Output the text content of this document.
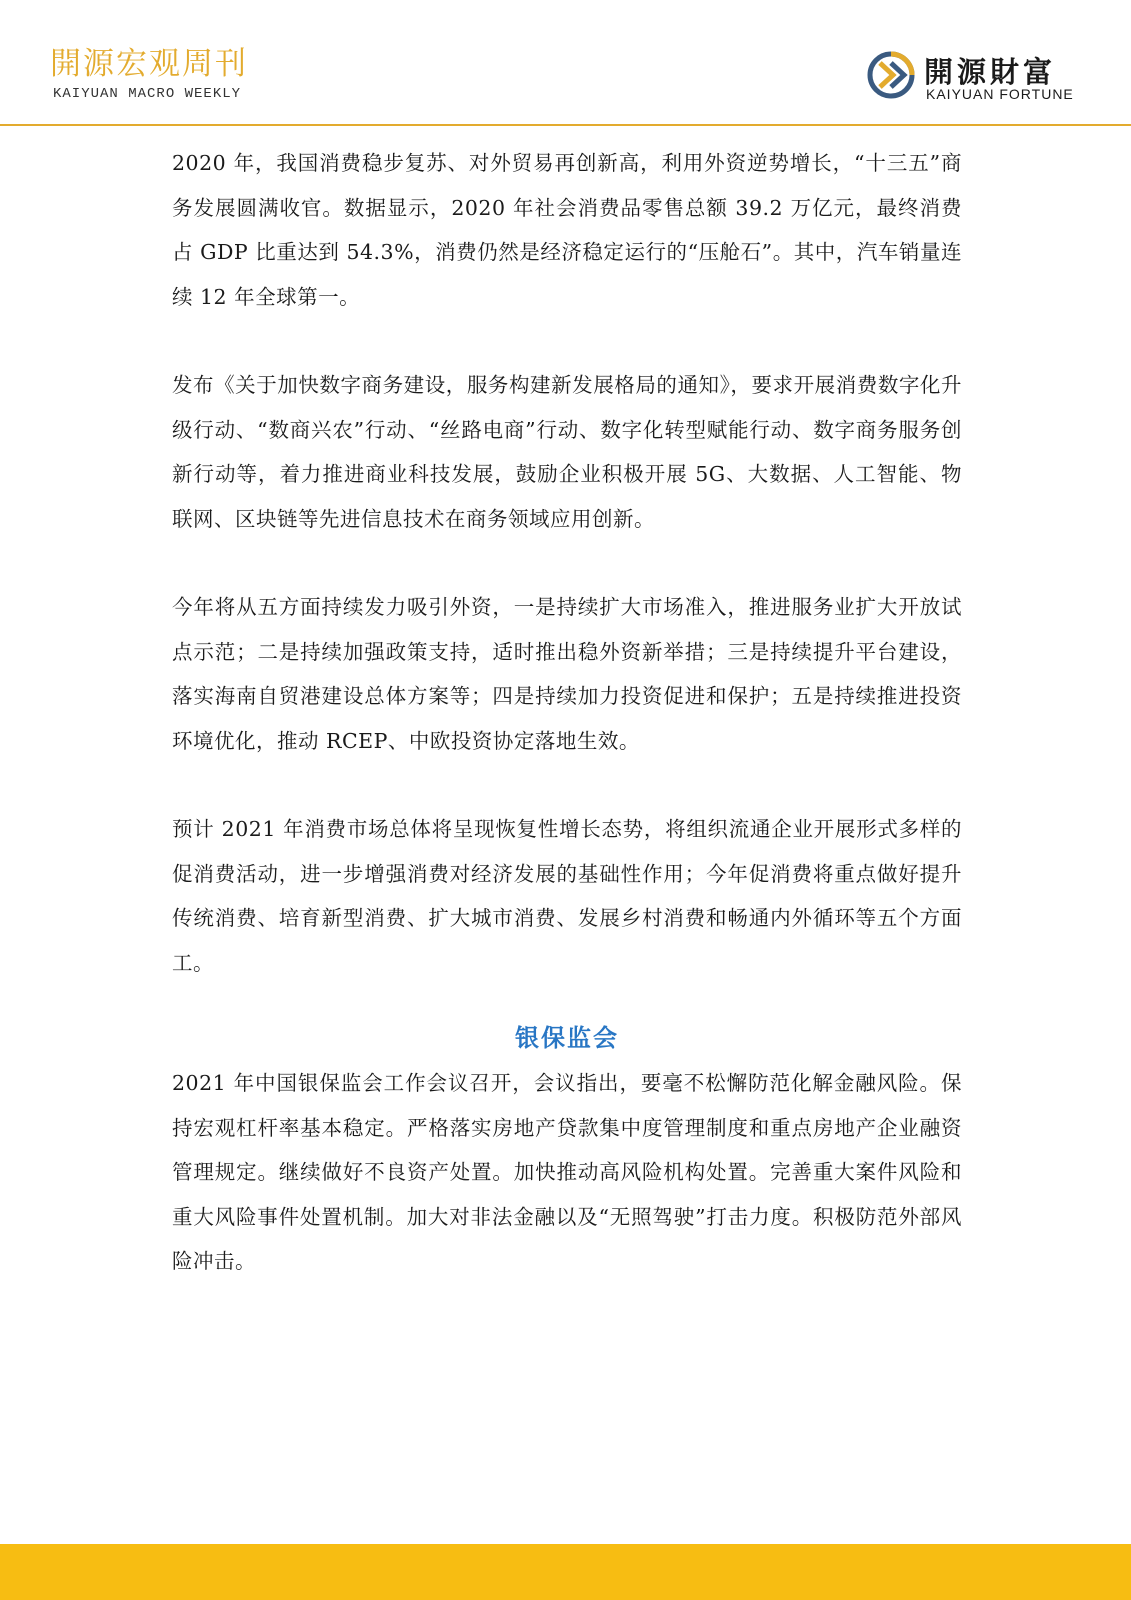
開源宏观周刊
KAIYUAN MACRO WEEKLY
開源財富
KAIYUAN FORTUNE

2020 年，我国消费稳步复苏、对外贸易再创新高，利用外资逆势增长，“十三五”商务发展圆满收官。数据显示，2020 年社会消费品零售总额 39.2 万亿元，最终消费占 GDP 比重达到 54.3%，消费仍然是经济稳定运行的“压舱石”。其中，汽车销量连续 12 年全球第一。

发布《关于加快数字商务建设，服务构建新发展格局的通知》，要求开展消费数字化升级行动、“数商兴农”行动、“丝路电商”行动、数字化转型赋能行动、数字商务服务创新行动等，着力推进商业科技发展，鼓励企业积极开展 5G、大数据、人工智能、物联网、区块链等先进信息技术在商务领域应用创新。

今年将从五方面持续发力吸引外资，一是持续扩大市场准入，推进服务业扩大开放试点示范；二是持续加强政策支持，适时推出稳外资新举措；三是持续提升平台建设，落实海南自贸港建设总体方案等；四是持续加力投资促进和保护；五是持续推进投资环境优化，推动 RCEP、中欧投资协定落地生效。

预计 2021 年消费市场总体将呈现恢复性增长态势，将组织流通企业开展形式多样的促消费活动，进一步增强消费对经济发展的基础性作用；今年促消费将重点做好提升传统消费、培育新型消费、扩大城市消费、发展乡村消费和畅通内外循环等五个方面工。

银保监会

2021 年中国银保监会工作会议召开，会议指出，要毫不松懈防范化解金融风险。保持宏观杠杆率基本稳定。严格落实房地产贷款集中度管理制度和重点房地产企业融资管理规定。继续做好不良资产处置。加快推动高风险机构处置。完善重大案件风险和重大风险事件处置机制。加大对非法金融以及“无照驾驶”打击力度。积极防范外部风险冲击。
